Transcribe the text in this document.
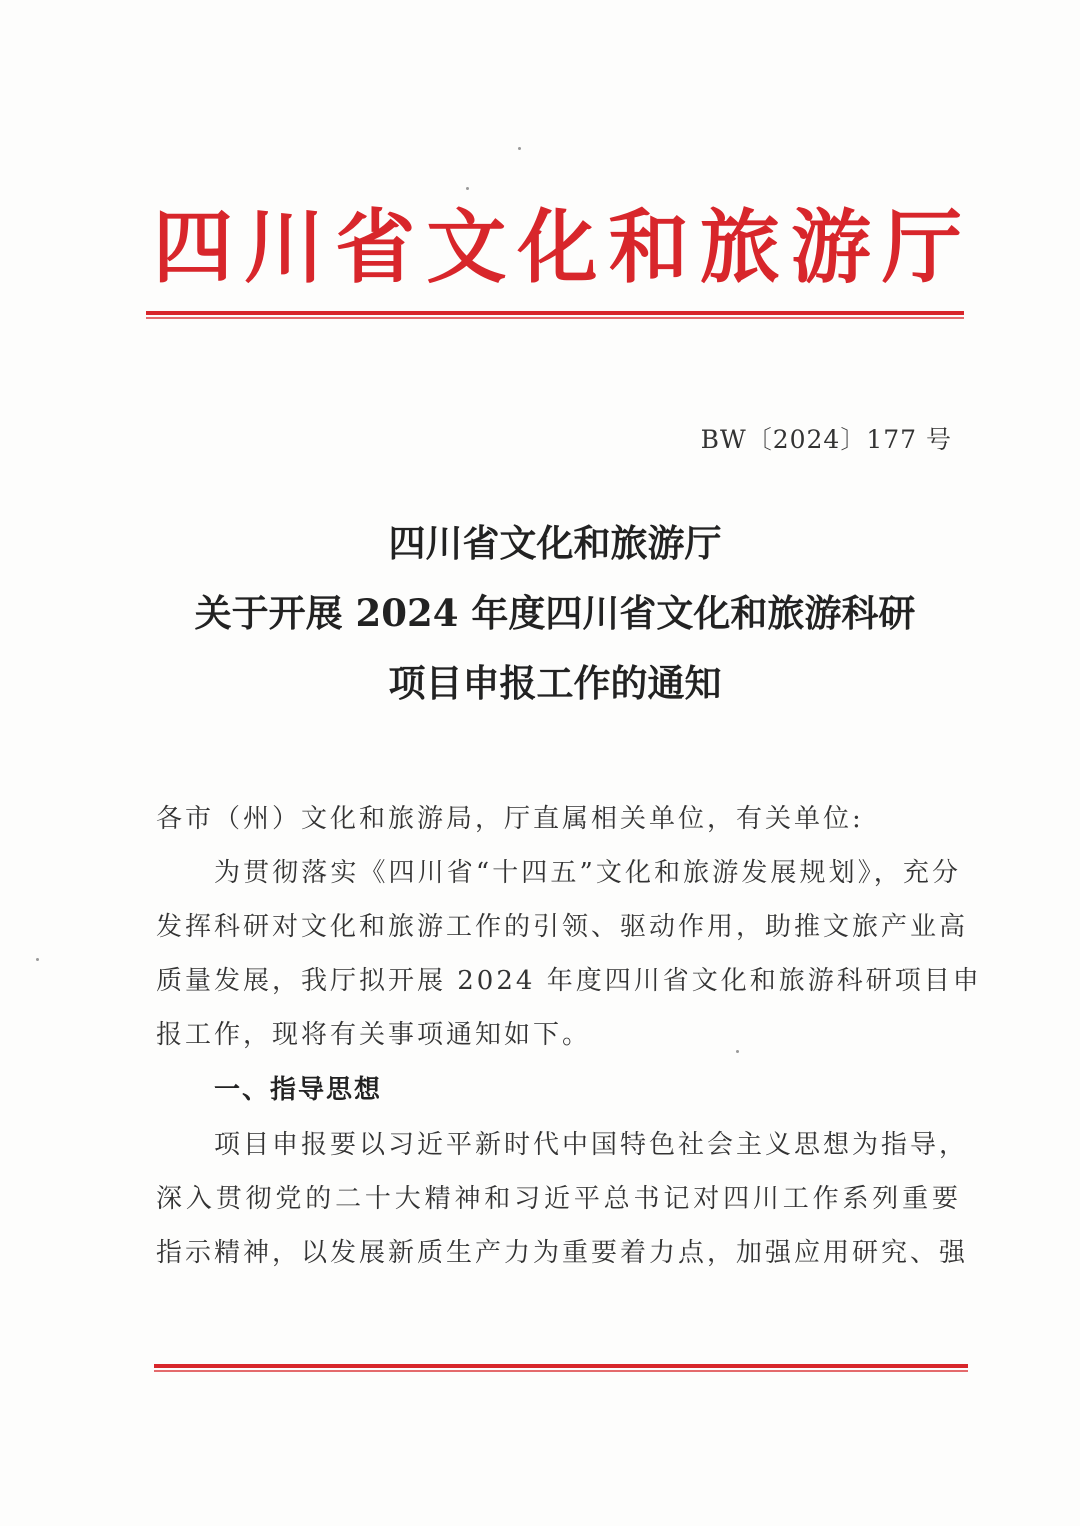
四 川 省 文 化 和 旅 游 厅
BW〔2024〕177 号
四川省文化和旅游厅
关于开展 2024 年度四川省文化和旅游科研
项目申报工作的通知
各市（州）文化和旅游局，厅直属相关单位，有关单位:
为贯彻落实《四川省“十四五”文化和旅游发展规划》，充分
发挥科研对文化和旅游工作的引领、驱动作用，助推文旅产业高
质量发展，我厅拟开展 2024 年度四川省文化和旅游科研项目申
报工作，现将有关事项通知如下。
一、指导思想
项目申报要以习近平新时代中国特色社会主义思想为指导，
深入贯彻党的二十大精神和习近平总书记对四川工作系列重要
指示精神，以发展新质生产力为重要着力点，加强应用研究、强
